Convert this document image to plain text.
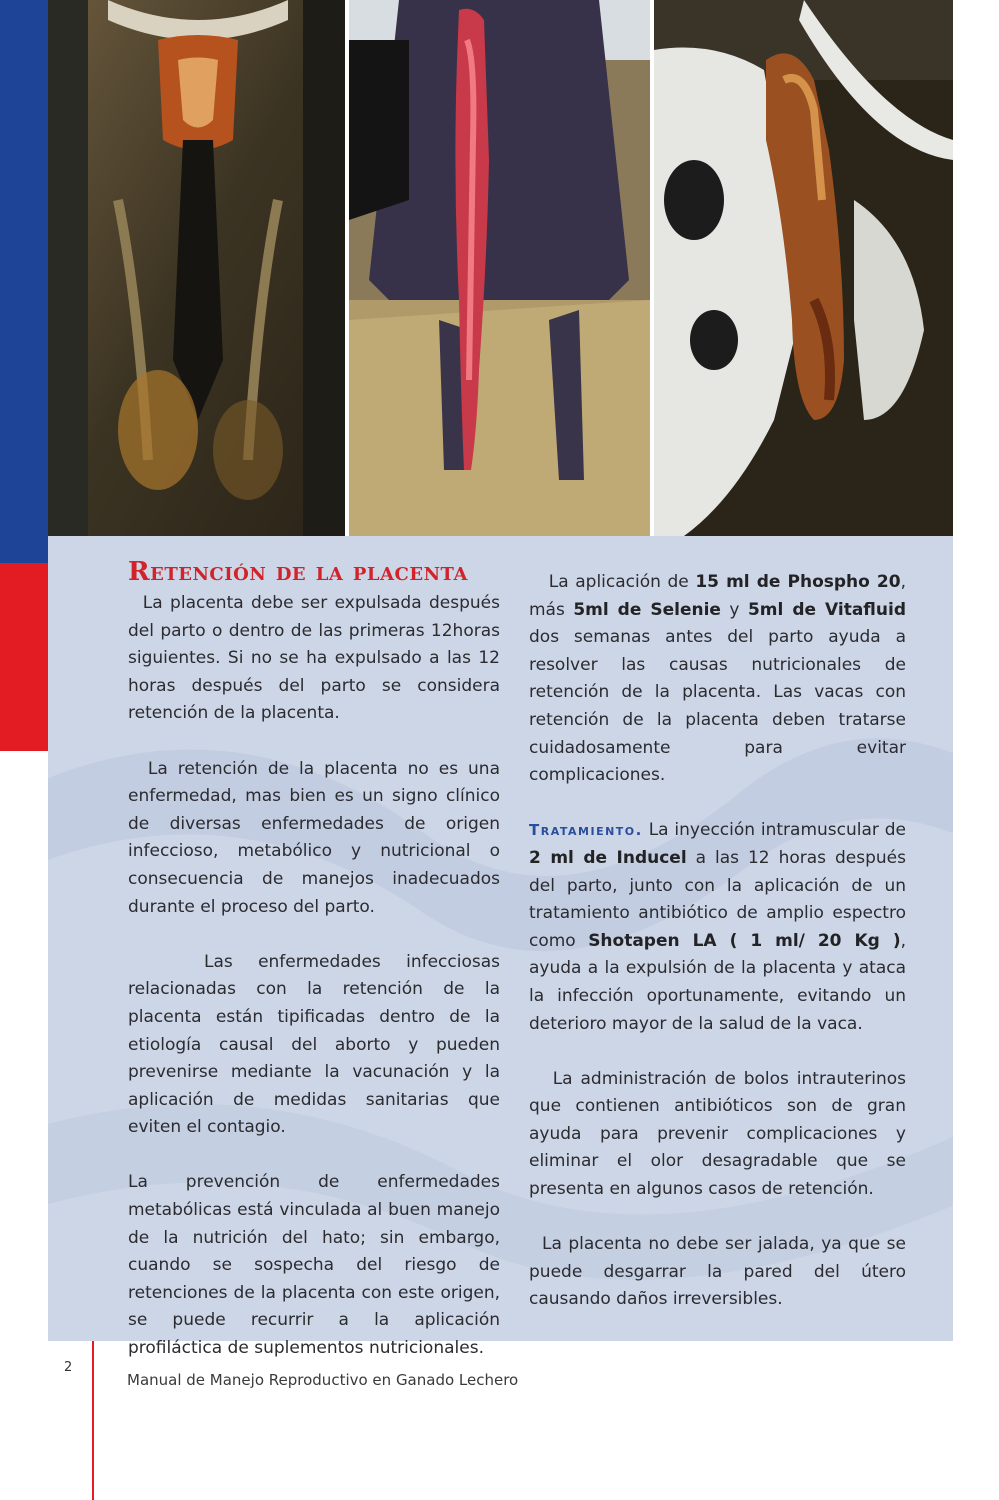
Retención de la placenta

La placenta debe ser expulsada después del parto o dentro de las primeras 12horas siguientes. Si no se ha expulsado a las 12 horas después del parto se considera retención de la placenta.

La retención de la placenta no es una enfermedad, mas bien es un signo clínico de diversas enfermedades de origen infeccioso, metabólico y nutricional o consecuencia de manejos inadecuados durante el proceso del parto.

Las enfermedades infecciosas relacionadas con la retención de la placenta están tipificadas dentro de la etiología causal del aborto y pueden prevenirse mediante la vacunación y la aplicación de medidas sanitarias que eviten el contagio.

La prevención de enfermedades metabólicas está vinculada al buen manejo de la nutrición del hato; sin embargo, cuando se sospecha del riesgo de retenciones de la placenta con este origen, se puede recurrir a la aplicación profiláctica de suplementos nutricionales.

La aplicación de 15 ml de Phospho 20, más 5ml de Selenie y 5ml de Vitafluid dos semanas antes del parto ayuda a resolver las causas nutricionales de retención de la placenta. Las vacas con retención de la placenta deben tratarse cuidadosamente para evitar complicaciones.

Tratamiento. La inyección intramuscular de 2 ml de Inducel a las 12 horas después del parto, junto con la aplicación de un tratamiento antibiótico de amplio espectro como Shotapen LA ( 1 ml/ 20 Kg ), ayuda a la expulsión de la placenta y ataca la infección oportunamente, evitando un deterioro mayor de la salud de la vaca.

La administración de bolos intrauterinos que contienen antibióticos son de gran ayuda para prevenir complicaciones y eliminar el olor desagradable que se presenta en algunos casos de retención.

La placenta no debe ser jalada, ya que se puede desgarrar la pared del útero causando daños irreversibles.

2
Manual de Manejo Reproductivo en Ganado Lechero
